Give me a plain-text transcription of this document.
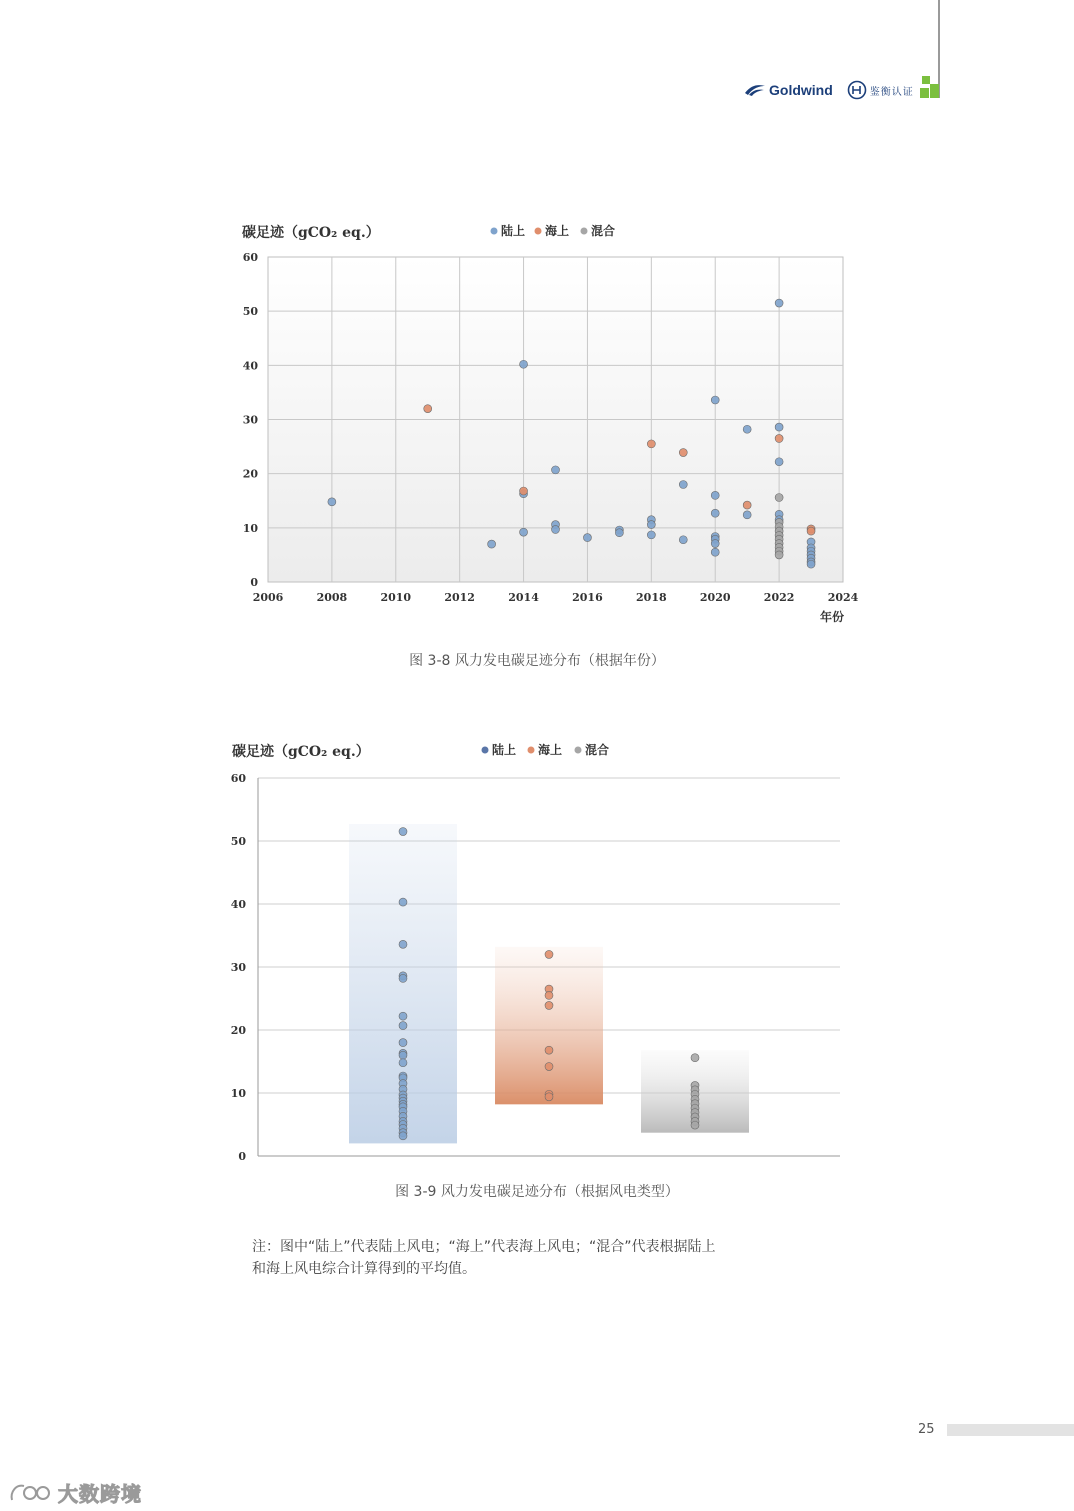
Goldwind	鉴衡认证
0
10
20
30
40
50
60
2006	2008	2010	2012	2014	2016	2018	2020	2022	2024
碳足迹（gCO₂ eq.）
年份
陆上 海上 混合
图 3-8 风力发电碳足迹分布（根据年份）
0
10
20
30
40
50
60
碳足迹（gCO₂ eq.）	陆上 海上 混合
图 3-9 风力发电碳足迹分布（根据风电类型）
注：图中“陆上”代表陆上风电；“海上”代表海上风电；“混合”代表根据陆上
和海上风电综合计算得到的平均值。
25
大数跨境
